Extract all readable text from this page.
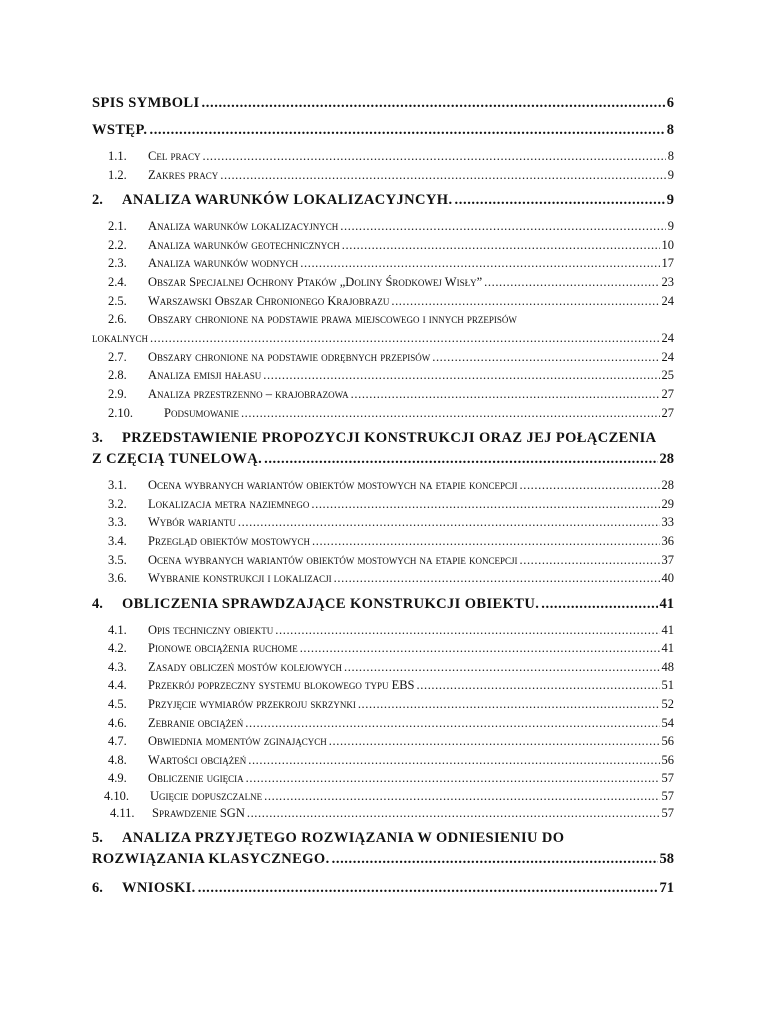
SPIS SYMBOLI .....	6
WSTĘP. .....	8
1.1.	Cel pracy .....	8
1.2.	Zakres pracy .....	9
2.	ANALIZA WARUNKÓW LOKALIZACYJNCYH. .....	9
2.1.	Analiza warunków lokalizacyjnych .....	9
2.2.	Analiza warunków geotechnicznych .....	10
2.3.	Analiza warunków wodnych .....	17
2.4.	Obszar Specjalnej Ochrony Ptaków „Doliny Środkowej Wisły” .....	23
2.5.	Warszawski Obszar Chronionego Krajobrazu .....	24
2.6.	Obszary chronione na podstawie prawa miejscowego i innych przepisów
lokalnych .....	24
2.7.	Obszary chronione na podstawie odrębnych przepisów .....	24
2.8.	Analiza emisji hałasu .....	25
2.9.	Analiza przestrzenno – krajobrazowa .....	27
2.10.	Podsumowanie .....	27
3.	PRZEDSTAWIENIE PROPOZYCJI KONSTRUKCJI ORAZ JEJ POŁĄCZENIA
Z CZĘCIĄ TUNELOWĄ. .....	28
3.1.	Ocena wybranych wariantów obiektów mostowych na etapie koncepcji .....	28
3.2.	Lokalizacja metra naziemnego .....	29
3.3.	Wybór wariantu .....	33
3.4.	Przegląd obiektów mostowych .....	36
3.5.	Ocena wybranych wariantów obiektów mostowych na etapie koncepcji .....	37
3.6.	Wybranie konstrukcji i lokalizacji .....	40
4.	OBLICZENIA SPRAWDZAJĄCE KONSTRUKCJI OBIEKTU. .....	41
4.1.	Opis techniczny obiektu .....	41
4.2.	Pionowe obciążenia ruchome .....	41
4.3.	Zasady obliczeń mostów kolejowych .....	48
4.4.	Przekrój poprzeczny systemu blokowego typu EBS .....	51
4.5.	Przyjęcie wymiarów przekroju skrzynki .....	52
4.6.	Zebranie obciążeń .....	54
4.7.	Obwiednia momentów zginających .....	56
4.8.	Wartości obciążeń .....	56
4.9.	Obliczenie ugięcia .....	57
4.10.	Ugięcie dopuszczalne .....	57
4.11.	Sprawdzenie SGN .....	57
5.	ANALIZA PRZYJĘTEGO ROZWIĄZANIA W ODNIESIENIU DO
ROZWIĄZANIA KLASYCZNEGO. .....	58
6.	WNIOSKI. .....	71
